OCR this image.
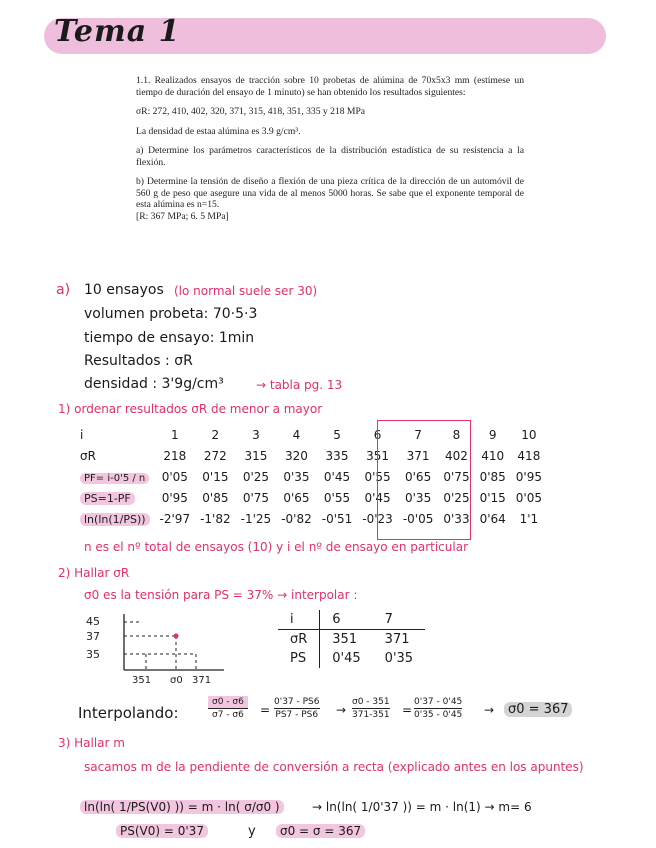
Tema 1

1.1. Realizados ensayos de tracción sobre 10 probetas de alúmina de 70x5x3 mm (estímese un tiempo de duración del ensayo de 1 minuto) se han obtenido los resultados siguientes:

σR: 272, 410, 402, 320, 371, 315, 418, 351, 335 y 218 MPa

La densidad de estaa alúmina es 3.9 g/cm³.

a) Determine los parámetros característicos de la distribución estadística de su resistencia a la flexión.

b) Determine la tensión de diseño a flexión de una pieza crítica de la dirección de un automóvil de 560 g de peso que asegure una vida de al menos 5000 horas. Se sabe que el exponente temporal de esta alúmina es n=15.
[R: 367 MPa; 6. 5 MPa]

a) 10 ensayos (lo normal suele ser 30)
volumen probeta: 70·5·3
tiempo de ensayo: 1min
Resultados : σR
densidad : 3'9g/cm³	→ tabla pg. 13
1) ordenar resultados σR de menor a mayor
i	1	2	3	4	5	6	7	8	9	10
σR	218	272	315	320	335	351	371	402	410	418
PF= i-0'5 / n	0'05	0'15	0'25	0'35	0'45	0'55	0'65	0'75	0'85	0'95
PS=1-PF	0'95	0'85	0'75	0'65	0'55	0'45	0'35	0'25	0'15	0'05
ln(ln(1/PS))	-2'97	-1'82	-1'25	-0'82	-0'51	-0'23	-0'05	0'33	0'64	1'1
n es el nº total de ensayos (10) y i el nº de ensayo en particular
2) Hallar σR
σ0 es la tensión para PS = 37% → interpolar :
45
37
35
351 σ0 371
i	6	7
σR	351	371
PS	0'45	0'35
Interpolando:	$\frac{\sigma 0 - \sigma 6}{\sigma 7 - \sigma 6} = \frac{0'37 - PS6}{PS7 - PS6} \to \frac{\sigma 0 - 351}{371-351} = \frac{0'37 - 0'45}{0'35 - 0'45}$ →	σ0 = 367
3) Hallar m
sacamos m de la pendiente de conversión a recta (explicado antes en los apuntes)
ln(ln( 1/PS(V0) )) = m · ln( σ/σ0 )	→ ln(ln( 1/0'37 )) = m · ln(1) → m= 6
PS(V0) = 0'37	y	σ0 = σ = 367
